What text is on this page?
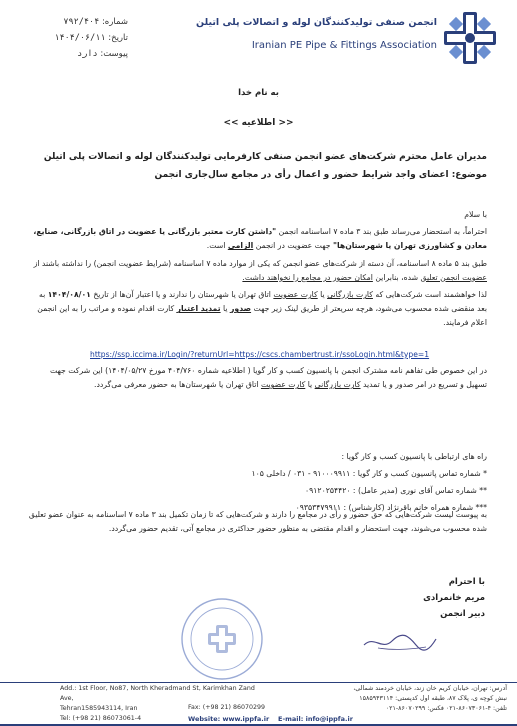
انجمن صنفی تولیدکنندگان لوله و اتصالات پلی اتیلن
Iranian PE Pipe & Fittings Association
شماره: ۷۹۲/۴۰۴
تاریخ: ۱۴۰۴/۰۶/۱۱
پیوست: دارد
به نام خدا
<< اطلاعیه >>
مدیران عامل محترم شرکت‌های عضو انجمن صنفی کارفرمایی تولیدکنندگان لوله و اتصالات پلی اتیلن
موضوع: اعضای واجد شرایط حضور و اعمال رأی در مجامع سال‌جاری انجمن

با سلام

احتراماً، به استحضار می‌رساند طبق بند ۳ ماده ۷ اساسنامه انجمن "داشتن کارت معتبر بازرگانی یا عضویت در اتاق بازرگانی، صنایع، معادن و کشاورزی تهران یا شهرستان‌ها" جهت عضویت در انجمن الزامی است.

طبق بند ۵ ماده ۸ اساسنامه، آن دسته از شرکت‌های عضو انجمن که یکی از موارد ماده ۷ اساسنامه (شرایط عضویت انجمن) را نداشته باشند از عضویت انجمن تعلیق شده، بنابراین امکان حضور در مجامع را نخواهند داشت.

لذا خواهشمند است شرکت‌هایی که کارت بازرگانی یا کارت عضویت اتاق تهران یا شهرستان را ندارند و یا اعتبار آن‌ها از تاریخ ۱۴۰۴/۰۸/۰۱ به بعد منقضی شده محسوب می‌شود، هرچه سریعتر از طریق لینک زیر جهت صدور یا تمدید اعتبار کارت اقدام نموده و مراتب را به این انجمن اعلام فرمایند.

https://ssp.iccima.ir/Login/?returnUrl=https://cscs.chambertrust.ir/ssoLogin.html&type=1

در این خصوص طی تفاهم نامه مشترک انجمن با پانسیون کسب و کار گویا ( اطلاعیه شماره ۴۰۴/۷۶۰ مورخ ۱۴۰۴/۰۵/۲۷) این شرکت جهت تسهیل و تسریع در امر صدور و یا تمدید کارت بازرگانی یا کارت عضویت اتاق تهران یا شهرستان‌ها به حضور معرفی می‌گردد.

راه های ارتباطی با پانسیون کسب و کار گویا :
* شماره تماس پانسیون کسب و کار گویا : ۹۱۰۰۰۹۹۱۱ - ۰۳۱ / داخلی ۱۰۵
** شماره تماس آقای نوری (مدیر عامل) : ۰۹۱۲۰۲۵۴۴۲۰
*** شماره همراه خانم باقرنژاد (کارشناس) : ۰۹۳۵۳۴۷۹۹۱۱
به پیوست لیست شرکت‌هایی که حق حضور و رأی در مجامع را دارند و شرکت‌هایی که تا زمان تکمیل بند ۳ ماده ۷ اساسنامه به عنوان عضو تعلیق شده محسوب می‌شوند، جهت استحضار و اقدام مقتضی به منظور حضور حداکثری در مجامع آتی، تقدیم حضور می‌گردد.
با احترام
مریم خانمرادی
دبیر انجمن
Add.: 1st Floor, No87, North Kheradmand St, Karimkhan Zand Ave,
Tehran1585943114, Iran
Tel: (+98 21) 86073061-4
Fax: (+98 21) 86070299
Website: www.ippfa.ir E-mail: info@ippfa.ir
آدرس: تهران، خیابان کریم خان زند، خیابان خردمند شمالی،
نبش کوچه ی، پلاک ۸۷، طبقه اول کدپستی: ۱۵۸۵۹۴۳۱۱۴
تلفن: ۴-۸۶۰۷۳۰۶۱-۰۲۱ فکس: ۸۶۰۷۰۲۹۹-۰۲۱
